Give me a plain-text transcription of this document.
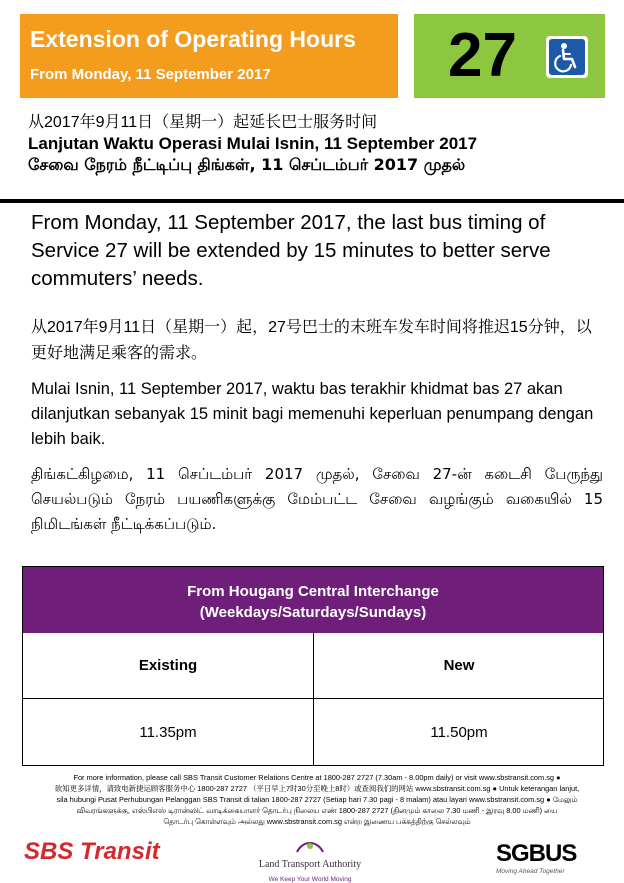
Extension of Operating Hours
From Monday, 11 September 2017	27
从2017年9月11日（星期一）起延长巴士服务时间
Lanjutan Waktu Operasi Mulai Isnin, 11 September 2017
சேவை நேரம் நீட்டிப்பு திங்கள், 11 செப்டம்பர் 2017 முதல்
From Monday, 11 September 2017, the last bus timing of Service 27 will be extended by 15 minutes to better serve commuters’ needs.
从2017年9月11日（星期一）起，27号巴士的末班车发车时间将推迟15分钟，以更好地满足乘客的需求。
Mulai Isnin, 11 September 2017, waktu bas terakhir khidmat bas 27 akan dilanjutkan sebanyak 15 minit bagi memenuhi keperluan penumpang dengan lebih baik.
திங்கட்கிழமை, 11 செப்டம்பர் 2017 முதல், சேவை 27-ன் கடைசி பேருந்து செயல்படும் நேரம் பயணிகளுக்கு மேம்பட்ட சேவை வழங்கும் வகையில் 15 நிமிடங்கள் நீட்டிக்கப்படும்.
From Hougang Central Interchange
(Weekdays/Saturdays/Sundays)
Existing	New
11.35pm	11.50pm
For more information, please call SBS Transit Customer Relations Centre at 1800-287 2727 (7.30am - 8.00pm daily) or visit www.sbstransit.com.sg ●
欲知更多详情，请致电新捷运顾客服务中心 1800-287 2727 （平日早上7时30分至晚上8时）或查阅我们的网站 www.sbstransit.com.sg ● Untuk keterangan lanjut,
sila hubungi Pusat Perhubungan Pelanggan SBS Transit di talian 1800-287 2727 (Setiap hari 7.30 pagi - 8 malam) atau layari www.sbstransit.com.sg ● மேலும்
விவரங்களுக்கு, எஸ்பிஎஸ் டிரான்ஸிட் வாடிக்கையாளர் தொடர்பு நிலைய எண் 1800-287 2727 (தினமும் காலை 7.30 மணி - இரவு 8.00 மணி) யை
தொடர்பு கொள்ளவும் அல்லது www.sbstransit.com.sg என்ற இணைய பக்கத்திற்கு செல்லவும்
SBS Transit	Land Transport Authority
We Keep Your World Moving
SGBUS
Moving Ahead Together
